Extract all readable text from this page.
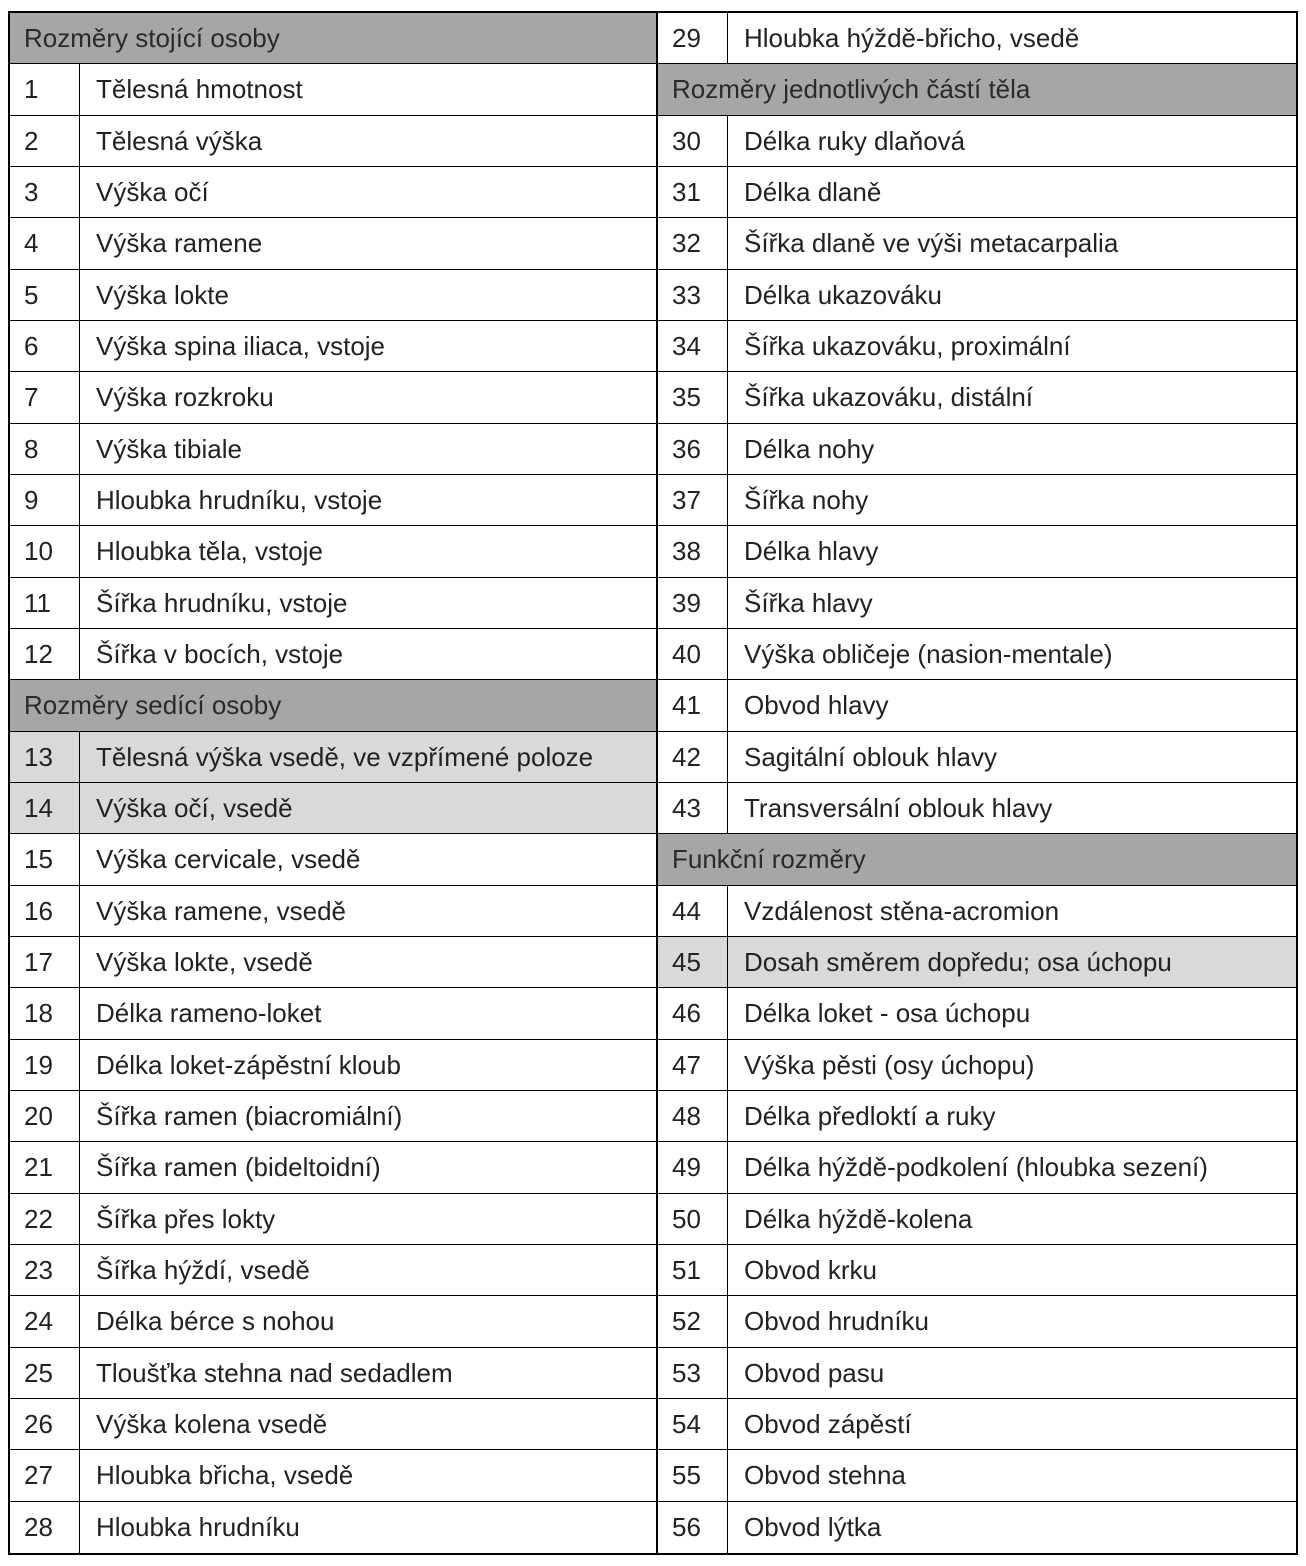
Rozměry stojící osoby
1	Tělesná hmotnost
2	Tělesná výška
3	Výška očí
4	Výška ramene
5	Výška lokte
6	Výška spina iliaca, vstoje
7	Výška rozkroku
8	Výška tibiale
9	Hloubka hrudníku, vstoje
10	Hloubka těla, vstoje
11	Šířka hrudníku, vstoje
12	Šířka v bocích, vstoje
Rozměry sedící osoby
13	Tělesná výška vsedě, ve vzpřímené poloze
14	Výška očí, vsedě
15	Výška cervicale, vsedě
16	Výška ramene, vsedě
17	Výška lokte, vsedě
18	Délka rameno-loket
19	Délka loket-zápěstní kloub
20	Šířka ramen (biacromiální)
21	Šířka ramen (bideltoidní)
22	Šířka přes lokty
23	Šířka hýždí, vsedě
24	Délka bérce s nohou
25	Tloušťka stehna nad sedadlem
26	Výška kolena vsedě
27	Hloubka břicha, vsedě
28	Hloubka hrudníku
29	Hloubka hýždě-břicho, vsedě
Rozměry jednotlivých částí těla
30	Délka ruky dlaňová
31	Délka dlaně
32	Šířka dlaně ve výši metacarpalia
33	Délka ukazováku
34	Šířka ukazováku, proximální
35	Šířka ukazováku, distální
36	Délka nohy
37	Šířka nohy
38	Délka hlavy
39	Šířka hlavy
40	Výška obličeje (nasion-mentale)
41	Obvod hlavy
42	Sagitální oblouk hlavy
43	Transversální oblouk hlavy
Funkční rozměry
44	Vzdálenost stěna-acromion
45	Dosah směrem dopředu; osa úchopu
46	Délka loket - osa úchopu
47	Výška pěsti (osy úchopu)
48	Délka předloktí a ruky
49	Délka hýždě-podkolení (hloubka sezení)
50	Délka hýždě-kolena
51	Obvod krku
52	Obvod hrudníku
53	Obvod pasu
54	Obvod zápěstí
55	Obvod stehna
56	Obvod lýtka
